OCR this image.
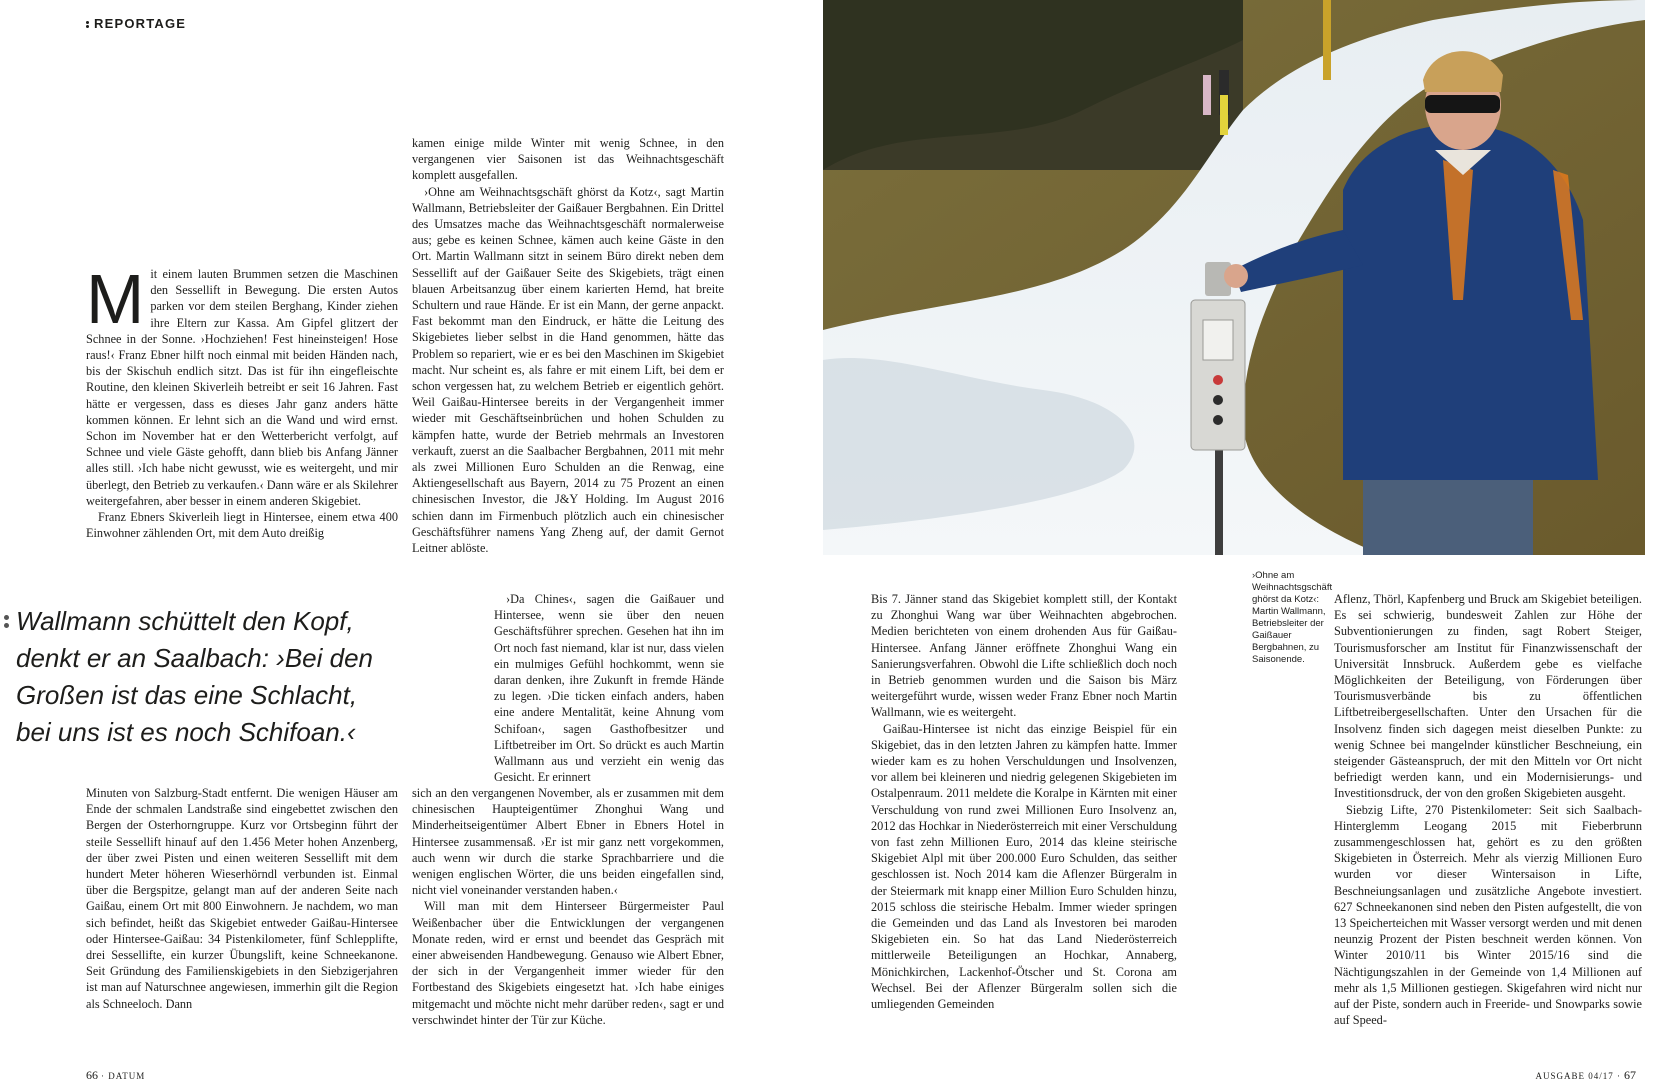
REPORTAGE

Mit einem lauten Brummen setzen die Maschinen den Sessellift in Bewegung. Die ersten Autos parken vor dem steilen Berghang, Kinder ziehen ihre Eltern zur Kassa. Am Gipfel glitzert der Schnee in der Sonne. ›Hochziehen! Fest hineinsteigen! Hose raus!‹ Franz Ebner hilft noch einmal mit beiden Händen nach, bis der Skischuh endlich sitzt. Das ist für ihn eingefleischte Routine, den kleinen Skiverleih betreibt er seit 16 Jahren. Fast hätte er vergessen, dass es dieses Jahr ganz anders hätte kommen können. Er lehnt sich an die Wand und wird ernst. Schon im November hat er den Wetterbericht verfolgt, auf Schnee und viele Gäste gehofft, dann blieb bis Anfang Jänner alles still. ›Ich habe nicht gewusst, wie es weitergeht, und mir überlegt, den Betrieb zu verkaufen.‹ Dann wäre er als Skilehrer weitergefahren, aber besser in einem anderen Skigebiet.

Franz Ebners Skiverleih liegt in Hintersee, einem etwa 400 Einwohner zählenden Ort, mit dem Auto dreißig

Wallmann schüttelt den Kopf, denkt er an Saalbach: ›Bei den Großen ist das eine Schlacht, bei uns ist es noch Schifoan.‹

Minuten von Salzburg-Stadt entfernt. Die wenigen Häuser am Ende der schmalen Landstraße sind eingebettet zwischen den Bergen der Osterhorngruppe. Kurz vor Ortsbeginn führt der steile Sessellift hinauf auf den 1.456 Meter hohen Anzenberg, der über zwei Pisten und einen weiteren Sessellift mit dem hundert Meter höheren Wieserhörndl verbunden ist. Einmal über die Bergspitze, gelangt man auf der anderen Seite nach Gaißau, einem Ort mit 800 Einwohnern. Je nachdem, wo man sich befindet, heißt das Skigebiet entweder Gaißau-Hintersee oder Hintersee-Gaißau: 34 Pistenkilometer, fünf Schlepplifte, drei Sessellifte, ein kurzer Übungslift, keine Schneekanone. Seit Gründung des Familienskigebiets in den Siebzigerjahren ist man auf Naturschnee angewiesen, immerhin gilt die Region als Schneeloch. Dann

kamen einige milde Winter mit wenig Schnee, in den vergangenen vier Saisonen ist das Weihnachtsgeschäft komplett ausgefallen.

›Ohne am Weihnachtsgschäft ghörst da Kotz‹, sagt Martin Wallmann, Betriebsleiter der Gaißauer Bergbahnen. Ein Drittel des Umsatzes mache das Weihnachtsgeschäft normalerweise aus; gebe es keinen Schnee, kämen auch keine Gäste in den Ort. Martin Wallmann sitzt in seinem Büro direkt neben dem Sessellift auf der Gaißauer Seite des Skigebiets, trägt einen blauen Arbeitsanzug über einem karierten Hemd, hat breite Schultern und raue Hände. Er ist ein Mann, der gerne anpackt. Fast bekommt man den Eindruck, er hätte die Leitung des Skigebietes lieber selbst in die Hand genommen, hätte das Problem so repariert, wie er es bei den Maschinen im Skigebiet macht. Nur scheint es, als fahre er mit einem Lift, bei dem er schon vergessen hat, zu welchem Betrieb er eigentlich gehört. Weil Gaißau-Hintersee bereits in der Vergangenheit immer wieder mit Geschäftseinbrüchen und hohen Schulden zu kämpfen hatte, wurde der Betrieb mehrmals an Investoren verkauft, zuerst an die Saalbacher Bergbahnen, 2011 mit mehr als zwei Millionen Euro Schulden an die Renwag, eine Aktiengesellschaft aus Bayern, 2014 zu 75 Prozent an einen chinesischen Investor, die J&Y Holding. Im August 2016 schien dann im Firmenbuch plötzlich auch ein chinesischer Geschäftsführer namens Yang Zheng auf, der damit Gernot Leitner ablöste.

›Da Chines‹, sagen die Gaißauer und Hintersee, wenn sie über den neuen Geschäftsführer sprechen. Gesehen hat ihn im Ort noch fast niemand, klar ist nur, dass vielen ein mulmiges Gefühl hochkommt, wenn sie daran denken, ihre Zukunft in fremde Hände zu legen. ›Die ticken einfach anders, haben eine andere Mentalität, keine Ahnung vom Schifoan‹, sagen Gasthofbesitzer und Liftbetreiber im Ort. So drückt es auch Martin Wallmann aus und verzieht ein wenig das Gesicht. Er erinnert

sich an den vergangenen November, als er zusammen mit dem chinesischen Haupteigentümer Zhonghui Wang und Minderheitseigentümer Albert Ebner in Ebners Hotel in Hintersee zusammensaß. ›Er ist mir ganz nett vorgekommen, auch wenn wir durch die starke Sprachbarriere und die wenigen englischen Wörter, die uns beiden eingefallen sind, nicht viel voneinander verstanden haben.‹

Will man mit dem Hinterseer Bürgermeister Paul Weißenbacher über die Entwicklungen der vergangenen Monate reden, wird er ernst und beendet das Gespräch mit einer abweisenden Handbewegung. Genauso wie Albert Ebner, der sich in der Vergangenheit immer wieder für den Fortbestand des Skigebiets eingesetzt hat. ›Ich habe einiges mitgemacht und möchte nicht mehr darüber reden‹, sagt er und verschwindet hinter der Tür zur Küche.

66 · DATUM
›Ohne am Weihnachtsgschäft ghörst da Kotz‹: Martin Wallmann, Betriebsleiter der Gaißauer Bergbahnen, zu Saisonende.

Bis 7. Jänner stand das Skigebiet komplett still, der Kontakt zu Zhonghui Wang war über Weihnachten abgebrochen. Medien berichteten von einem drohenden Aus für Gaißau-Hintersee. Anfang Jänner eröffnete Zhonghui Wang ein Sanierungsverfahren. Obwohl die Lifte schließlich doch noch in Betrieb genommen wurden und die Saison bis März weitergeführt wurde, wissen weder Franz Ebner noch Martin Wallmann, wie es weitergeht.

Gaißau-Hintersee ist nicht das einzige Beispiel für ein Skigebiet, das in den letzten Jahren zu kämpfen hatte. Immer wieder kam es zu hohen Verschuldungen und Insolvenzen, vor allem bei kleineren und niedrig gelegenen Skigebieten im Ostalpenraum. 2011 meldete die Koralpe in Kärnten mit einer Verschuldung von rund zwei Millionen Euro Insolvenz an, 2012 das Hochkar in Niederösterreich mit einer Verschuldung von fast zehn Millionen Euro, 2014 das kleine steirische Skigebiet Alpl mit über 200.000 Euro Schulden, das seither geschlossen ist. Noch 2014 kam die Aflenzer Bürgeralm in der Steiermark mit knapp einer Million Euro Schulden hinzu, 2015 schloss die steirische Hebalm. Immer wieder springen die Gemeinden und das Land als Investoren bei maroden Skigebieten ein. So hat das Land Niederösterreich mittlerweile Beteiligungen an Hochkar, Annaberg, Mönichkirchen, Lackenhof-Ötscher und St. Corona am Wechsel. Bei der Aflenzer Bürgeralm sollen sich die umliegenden Gemeinden

Aflenz, Thörl, Kapfenberg und Bruck am Skigebiet beteiligen. Es sei schwierig, bundesweit Zahlen zur Höhe der Subventionierungen zu finden, sagt Robert Steiger, Tourismusforscher am Institut für Finanzwissenschaft der Universität Innsbruck. Außerdem gebe es vielfache Möglichkeiten der Beteiligung, von Förderungen über Tourismusverbände bis zu öffentlichen Liftbetreibergesellschaften. Unter den Ursachen für die Insolvenz finden sich dagegen meist dieselben Punkte: zu wenig Schnee bei mangelnder künstlicher Beschneiung, ein steigender Gästeanspruch, der mit den Mitteln vor Ort nicht befriedigt werden kann, und ein Modernisierungs- und Investitionsdruck, der von den großen Skigebieten ausgeht.

Siebzig Lifte, 270 Pistenkilometer: Seit sich Saalbach-Hinterglemm Leogang 2015 mit Fieberbrunn zusammengeschlossen hat, gehört es zu den größten Skigebieten in Österreich. Mehr als vierzig Millionen Euro wurden vor dieser Wintersaison in Lifte, Beschneiungsanlagen und zusätzliche Angebote investiert. 627 Schneekanonen sind neben den Pisten aufgestellt, die von 13 Speicherteichen mit Wasser versorgt werden und mit denen neunzig Prozent der Pisten beschneit werden können. Von Winter 2010/11 bis Winter 2015/16 sind die Nächtigungszahlen in der Gemeinde von 1,4 Millionen auf mehr als 1,5 Millionen gestiegen. Skigefahren wird nicht nur auf der Piste, sondern auch in Freeride- und Snowparks sowie auf Speed-

AUSGABE 04/17 · 67
